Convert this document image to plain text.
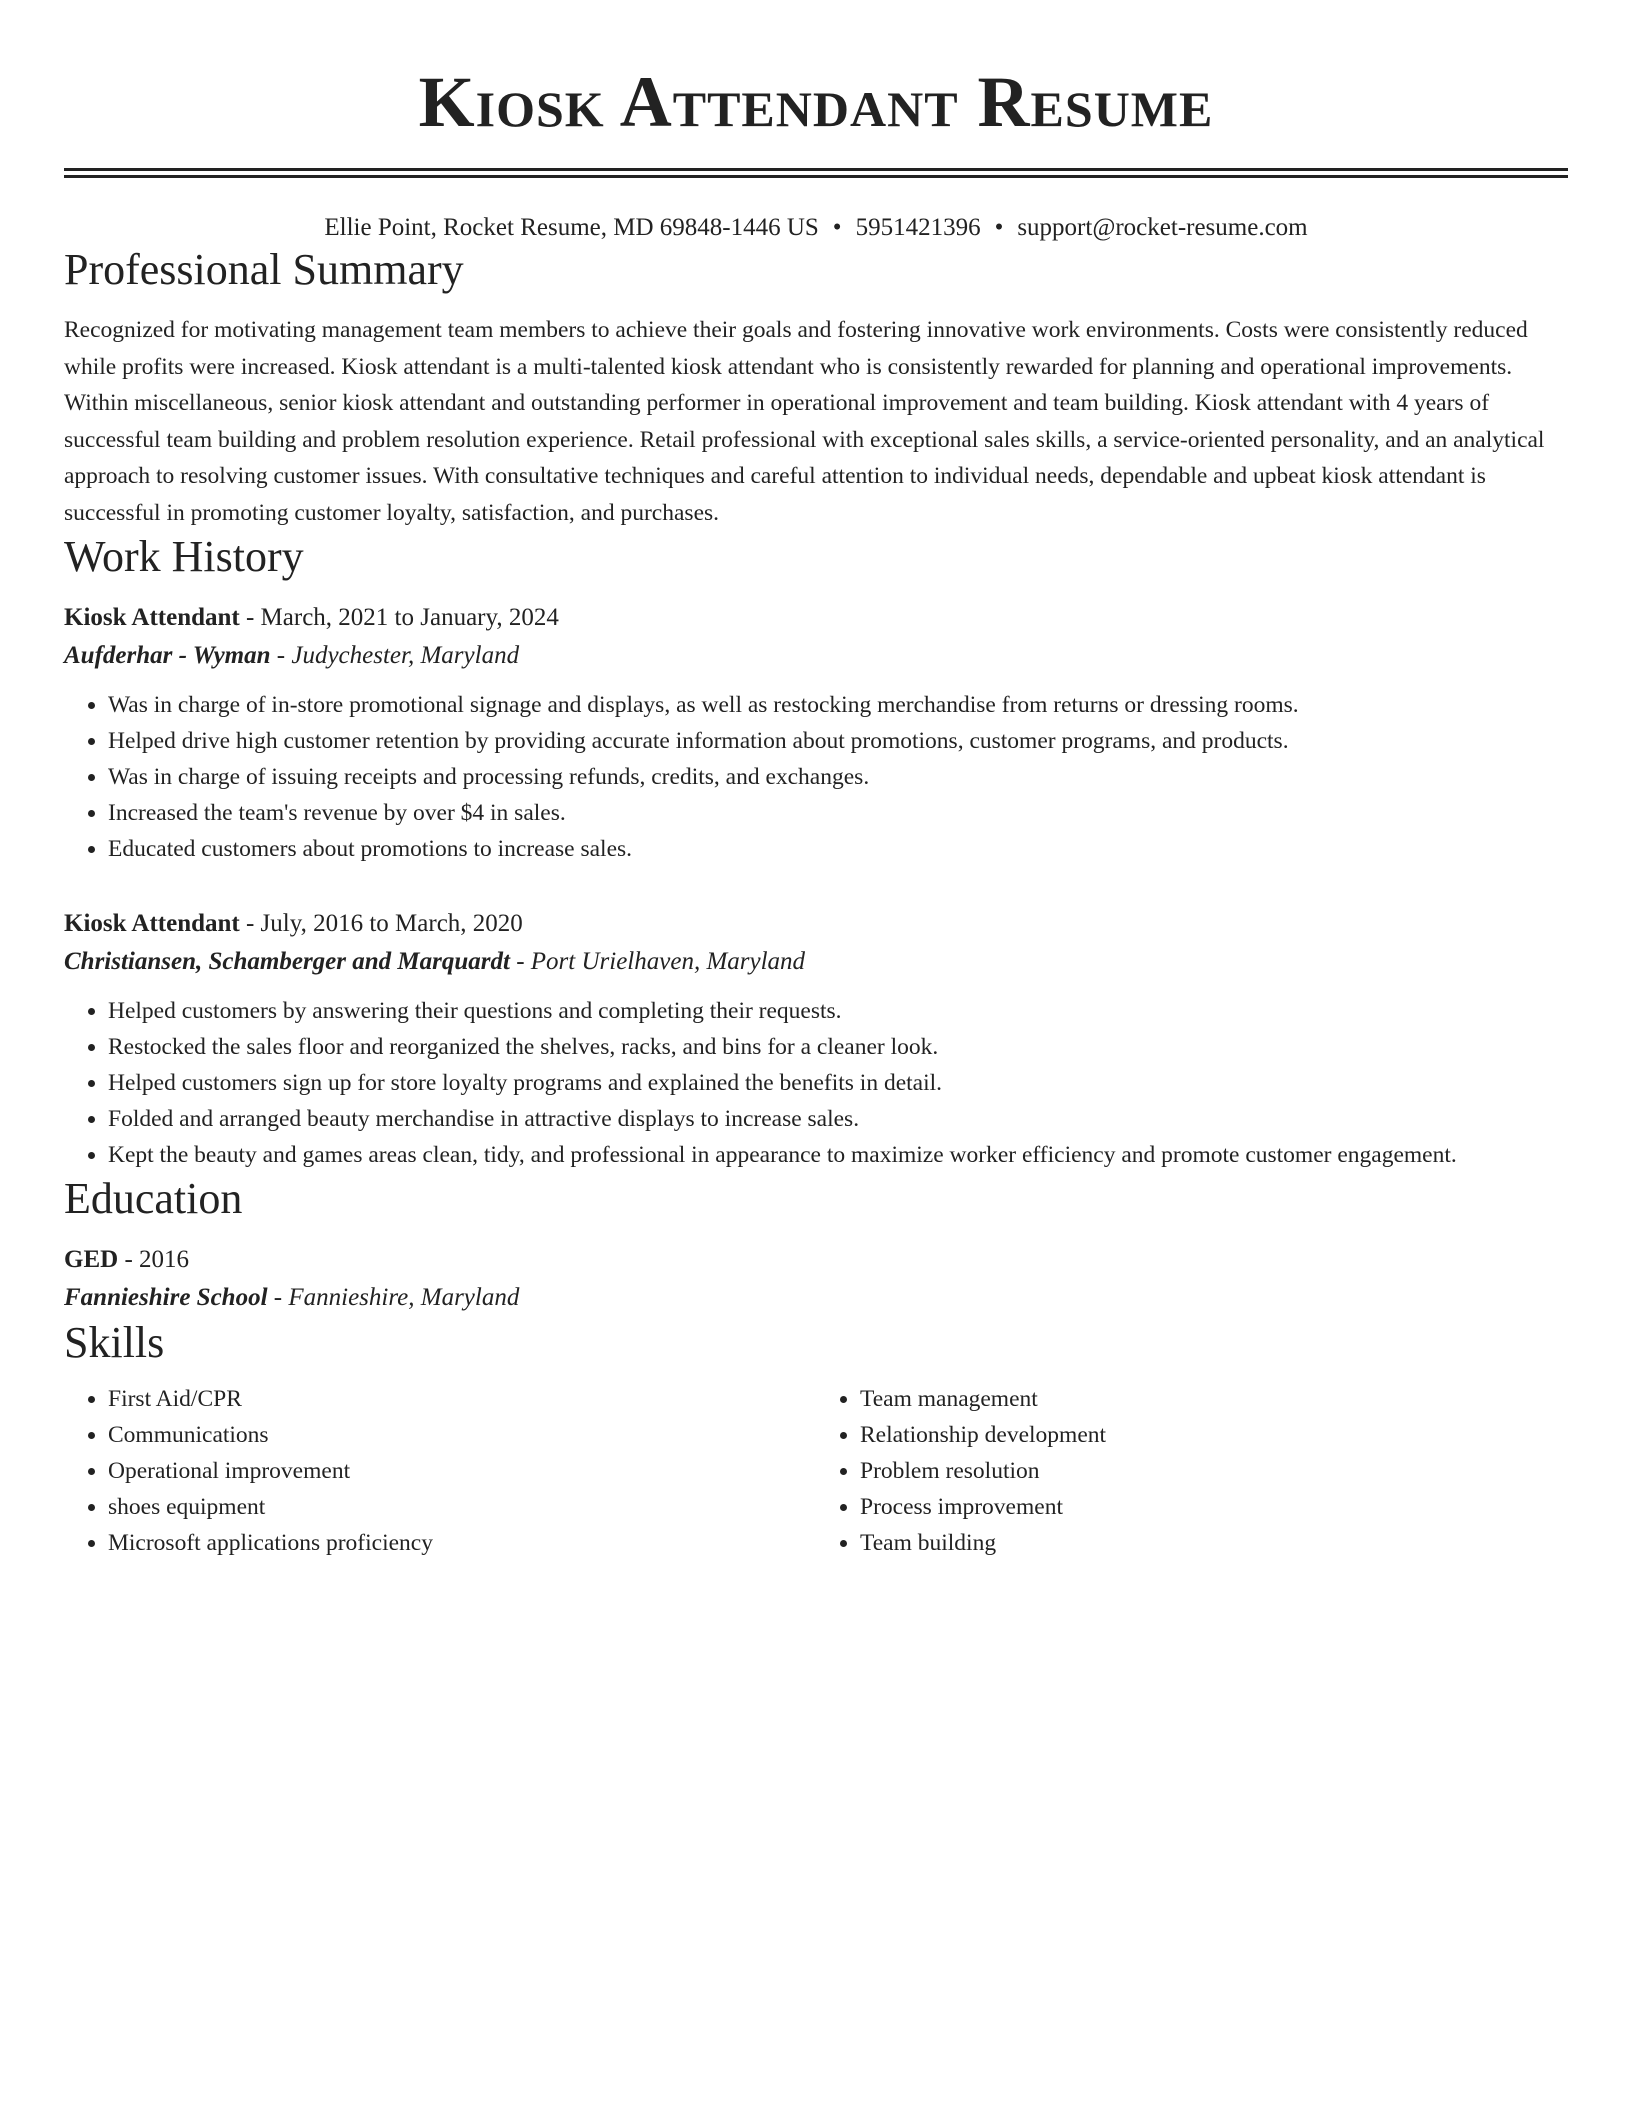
Kiosk Attendant Resume
Ellie Point, Rocket Resume, MD 69848-1446 US • 5951421396 • support@rocket-resume.com
Professional Summary

Recognized for motivating management team members to achieve their goals and fostering innovative work environments. Costs were consistently reduced while profits were increased. Kiosk attendant is a multi-talented kiosk attendant who is consistently rewarded for planning and operational improvements. Within miscellaneous, senior kiosk attendant and outstanding performer in operational improvement and team building. Kiosk attendant with 4 years of successful team building and problem resolution experience. Retail professional with exceptional sales skills, a service-oriented personality, and an analytical approach to resolving customer issues. With consultative techniques and careful attention to individual needs, dependable and upbeat kiosk attendant is successful in promoting customer loyalty, satisfaction, and purchases.

Work History
Kiosk Attendant - March, 2021 to January, 2024
Aufderhar - Wyman - Judychester, Maryland
• Was in charge of in-store promotional signage and displays, as well as restocking merchandise from returns or dressing rooms.
• Helped drive high customer retention by providing accurate information about promotions, customer programs, and products.
• Was in charge of issuing receipts and processing refunds, credits, and exchanges.
• Increased the team's revenue by over $4 in sales.
• Educated customers about promotions to increase sales.
Kiosk Attendant - July, 2016 to March, 2020
Christiansen, Schamberger and Marquardt - Port Urielhaven, Maryland
• Helped customers by answering their questions and completing their requests.
• Restocked the sales floor and reorganized the shelves, racks, and bins for a cleaner look.
• Helped customers sign up for store loyalty programs and explained the benefits in detail.
• Folded and arranged beauty merchandise in attractive displays to increase sales.
• Kept the beauty and games areas clean, tidy, and professional in appearance to maximize worker efficiency and promote customer engagement.
Education
GED - 2016
Fannieshire School - Fannieshire, Maryland
Skills
• First Aid/CPR
• Communications
• Operational improvement
• shoes equipment
• Microsoft applications proficiency
• Team management
• Relationship development
• Problem resolution
• Process improvement
• Team building
